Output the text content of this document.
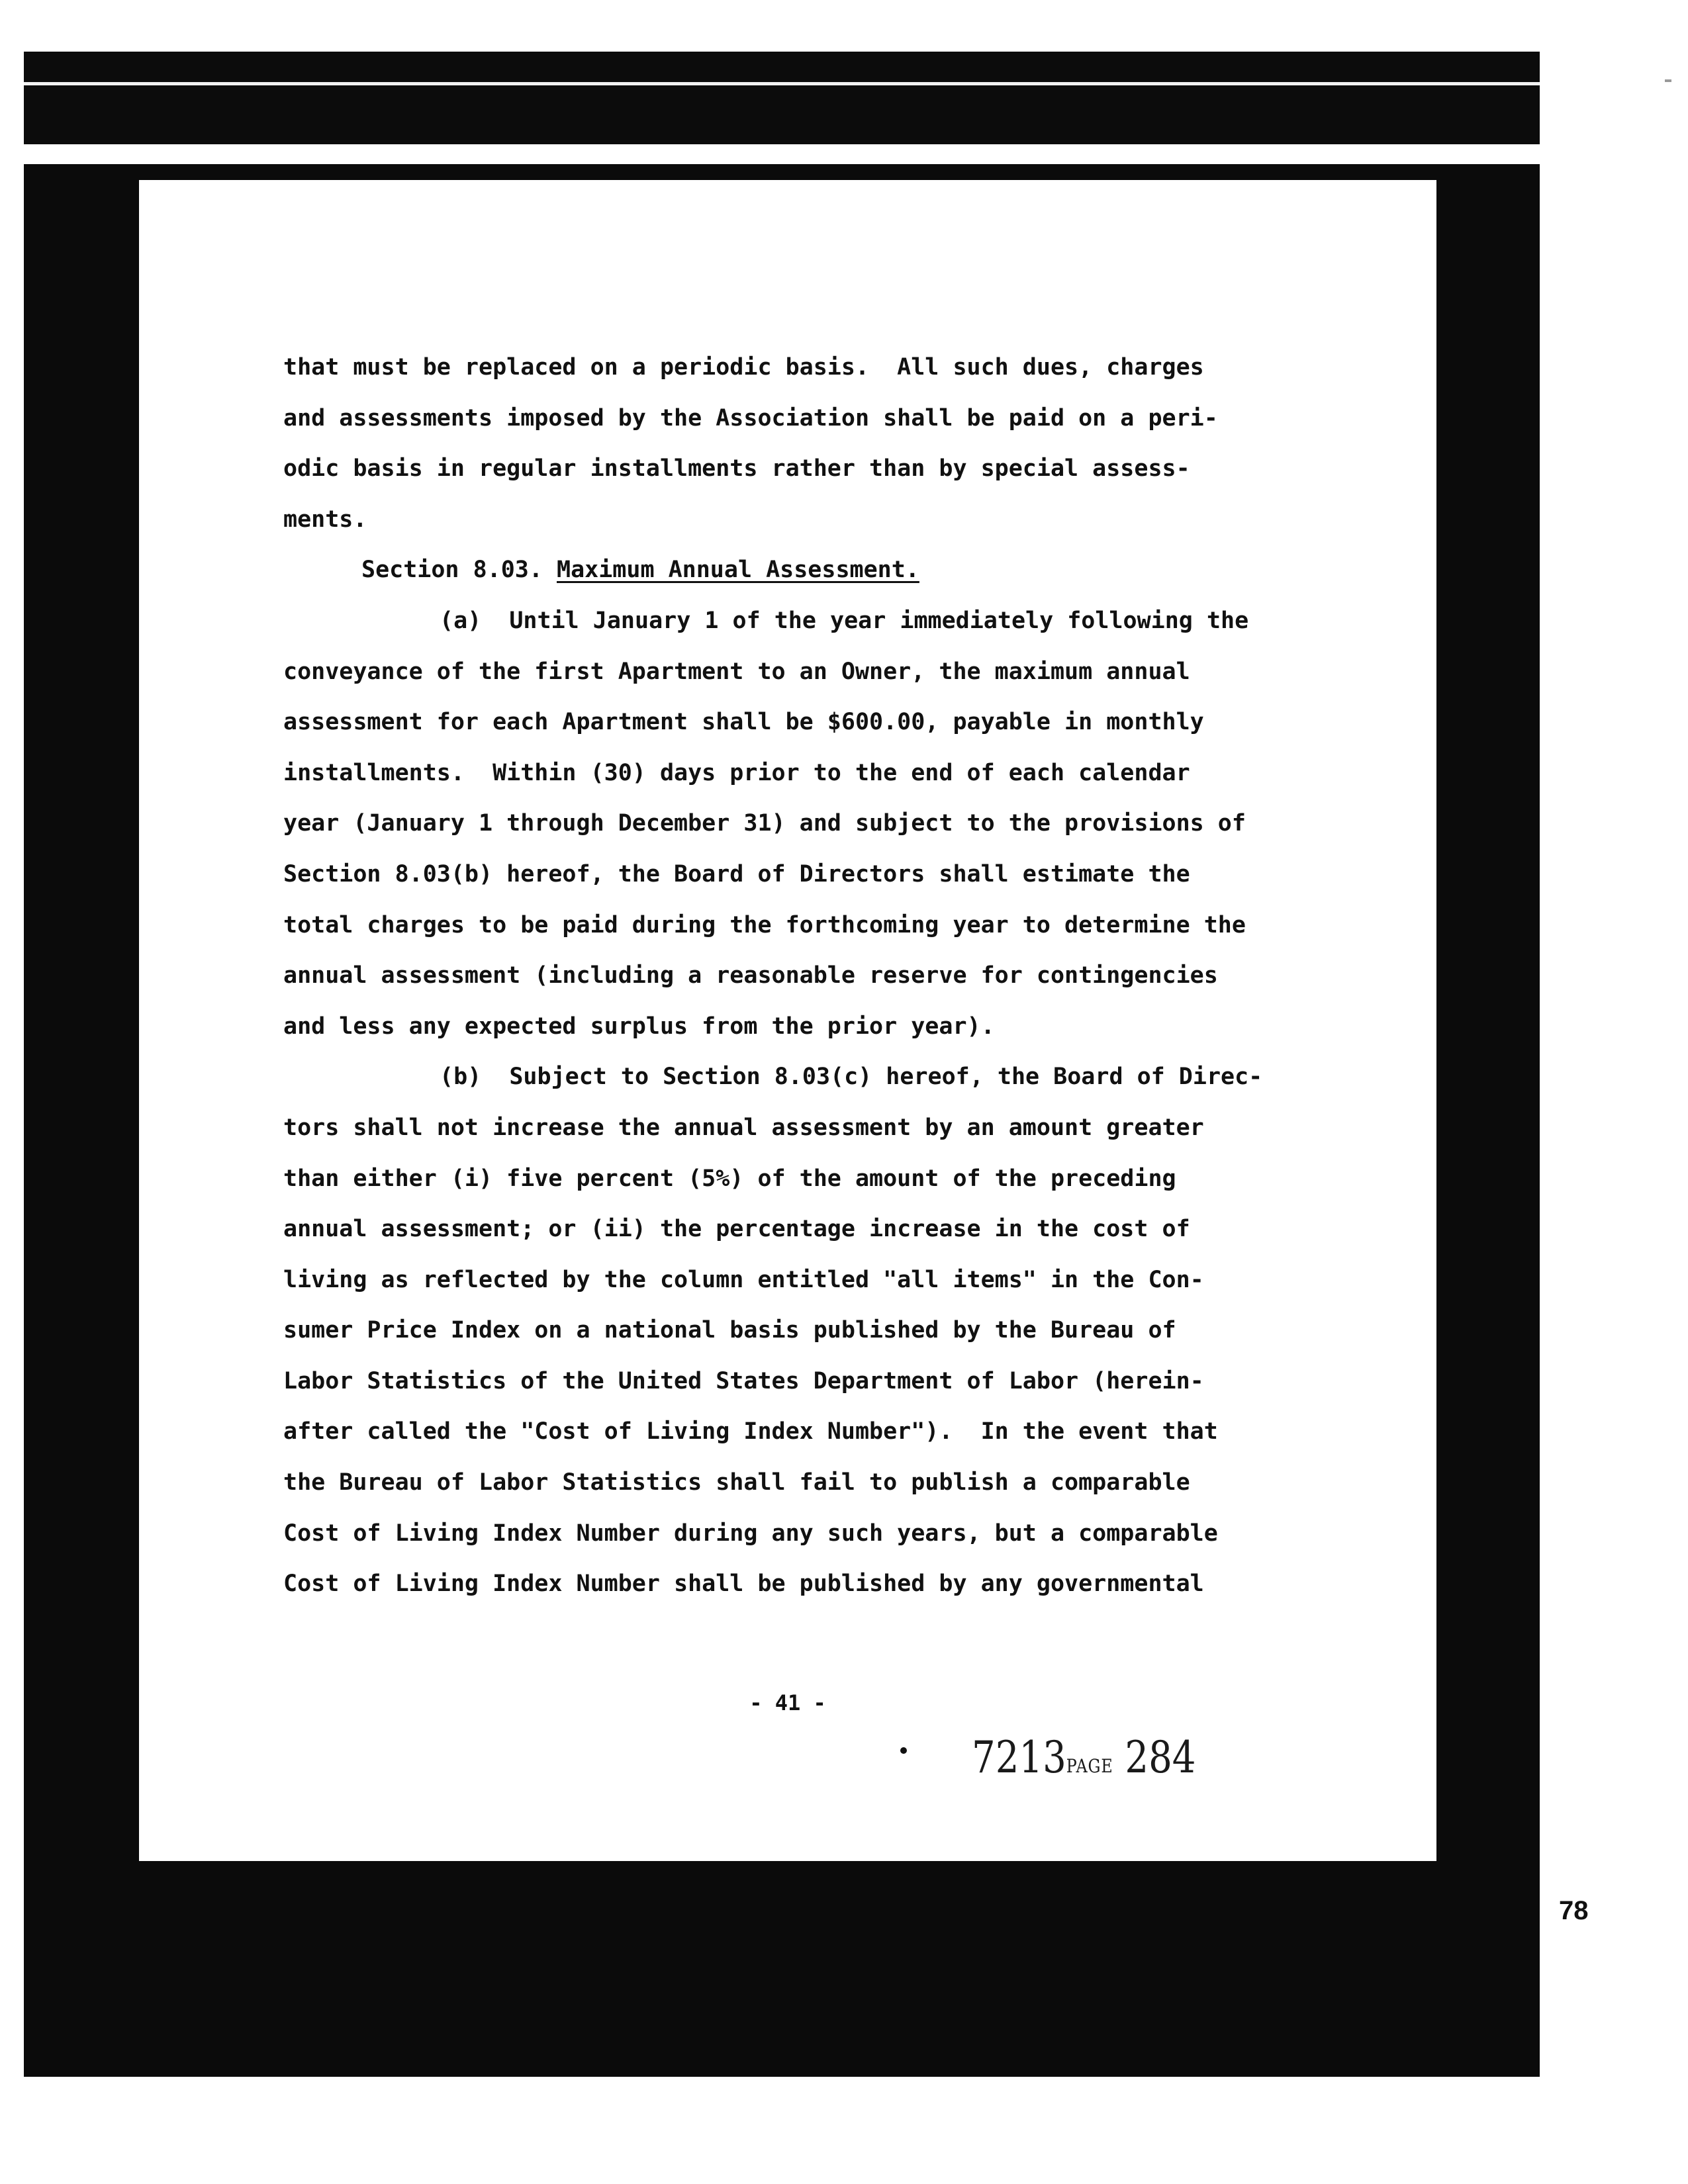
that must be replaced on a periodic basis.  All such dues, charges
and assessments imposed by the Association shall be paid on a peri-
odic basis in regular installments rather than by special assess-
ments.
Section 8.03. Maximum Annual Assessment.
(a)  Until January 1 of the year immediately following the
conveyance of the first Apartment to an Owner, the maximum annual
assessment for each Apartment shall be $600.00, payable in monthly
installments.  Within (30) days prior to the end of each calendar
year (January 1 through December 31) and subject to the provisions of
Section 8.03(b) hereof, the Board of Directors shall estimate the
total charges to be paid during the forthcoming year to determine the
annual assessment (including a reasonable reserve for contingencies
and less any expected surplus from the prior year).
(b)  Subject to Section 8.03(c) hereof, the Board of Direc-
tors shall not increase the annual assessment by an amount greater
than either (i) five percent (5%) of the amount of the preceding
annual assessment; or (ii) the percentage increase in the cost of
living as reflected by the column entitled "all items" in the Con-
sumer Price Index on a national basis published by the Bureau of
Labor Statistics of the United States Department of Labor (herein-
after called the "Cost of Living Index Number").  In the event that
the Bureau of Labor Statistics shall fail to publish a comparable
Cost of Living Index Number during any such years, but a comparable
Cost of Living Index Number shall be published by any governmental
- 41 -
7213PAGE 284
78
